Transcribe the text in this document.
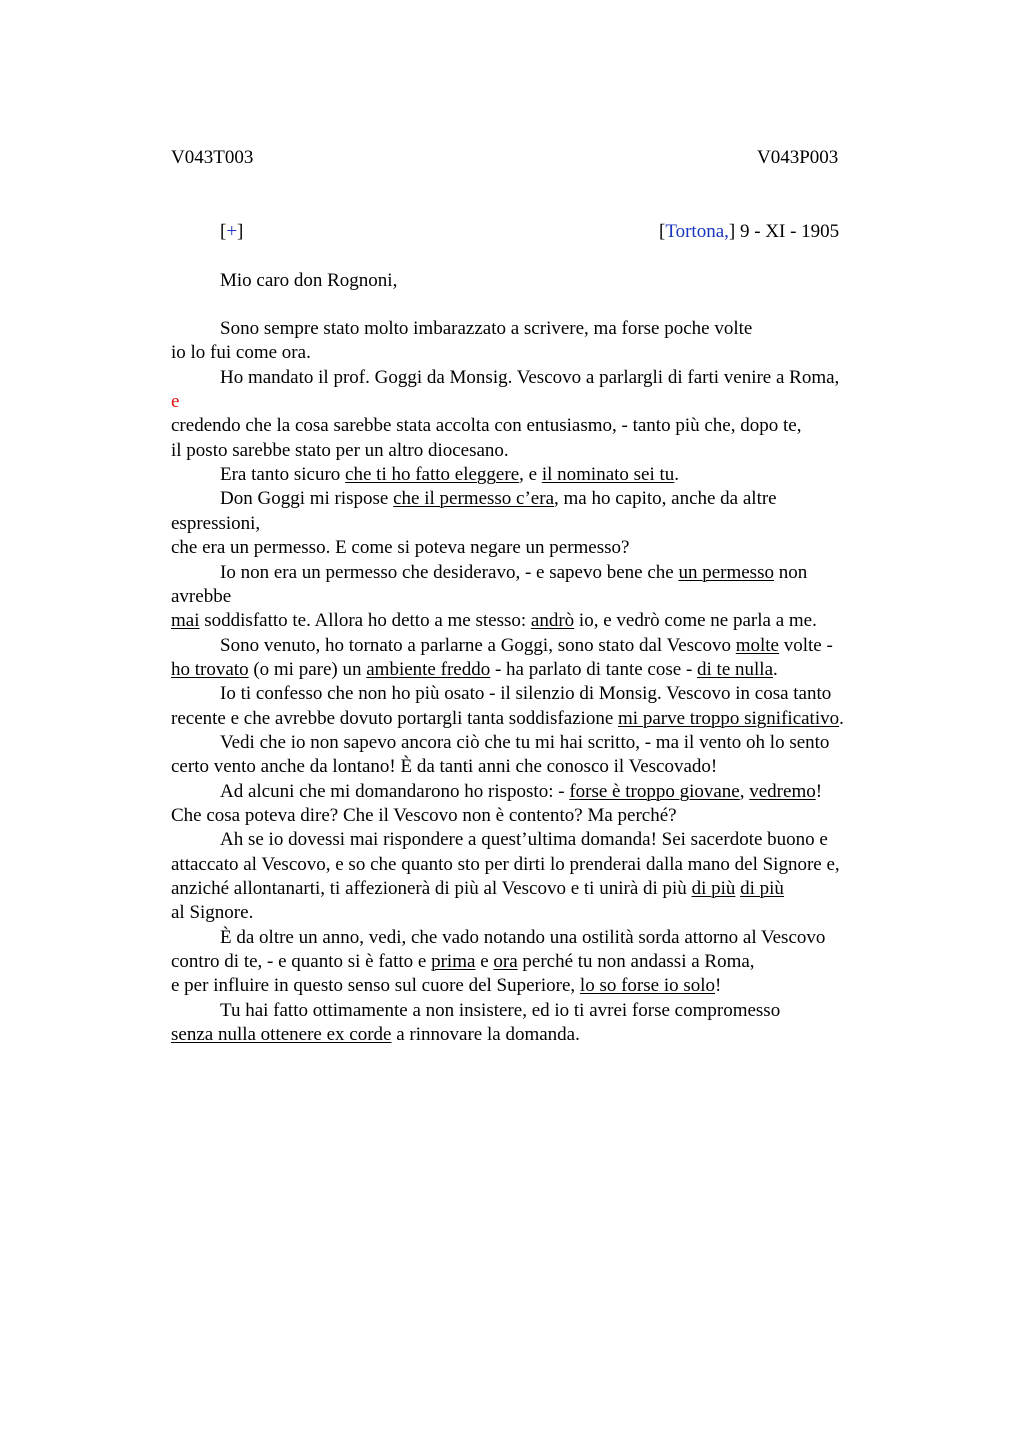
V043T003	V043P003
[+]	[Tortona,] 9 - XI - 1905
Mio caro don Rognoni,
Sono sempre stato molto imbarazzato a scrivere, ma forse poche volte
io lo fui come ora.
Ho mandato il prof. Goggi da Monsig. Vescovo a parlargli di farti venire a Roma,
e
credendo che la cosa sarebbe stata accolta con entusiasmo, - tanto più che, dopo te,
il posto sarebbe stato per un altro diocesano.
Era tanto sicuro che ti ho fatto eleggere, e il nominato sei tu.
Don Goggi mi rispose che il permesso c’era, ma ho capito, anche da altre
espressioni,
che era un permesso. E come si poteva negare un permesso?
Io non era un permesso che desideravo, - e sapevo bene che un permesso non
avrebbe
mai soddisfatto te. Allora ho detto a me stesso: andrò io, e vedrò come ne parla a me.
Sono venuto, ho tornato a parlarne a Goggi, sono stato dal Vescovo molte volte -
ho trovato (o mi pare) un ambiente freddo - ha parlato di tante cose - di te nulla.
Io ti confesso che non ho più osato - il silenzio di Monsig. Vescovo in cosa tanto
recente e che avrebbe dovuto portargli tanta soddisfazione mi parve troppo significativo.
Vedi che io non sapevo ancora ciò che tu mi hai scritto, - ma il vento oh lo sento
certo vento anche da lontano! È da tanti anni che conosco il Vescovado!
Ad alcuni che mi domandarono ho risposto: - forse è troppo giovane, vedremo!
Che cosa poteva dire? Che il Vescovo non è contento? Ma perché?
Ah se io dovessi mai rispondere a quest’ultima domanda! Sei sacerdote buono e
attaccato al Vescovo, e so che quanto sto per dirti lo prenderai dalla mano del Signore e,
anziché allontanarti, ti affezionerà di più al Vescovo e ti unirà di più di più di più
al Signore.
È da oltre un anno, vedi, che vado notando una ostilità sorda attorno al Vescovo
contro di te, - e quanto si è fatto e prima e ora perché tu non andassi a Roma,
e per influire in questo senso sul cuore del Superiore, lo so forse io solo!
Tu hai fatto ottimamente a non insistere, ed io ti avrei forse compromesso
senza nulla ottenere ex corde a rinnovare la domanda.
